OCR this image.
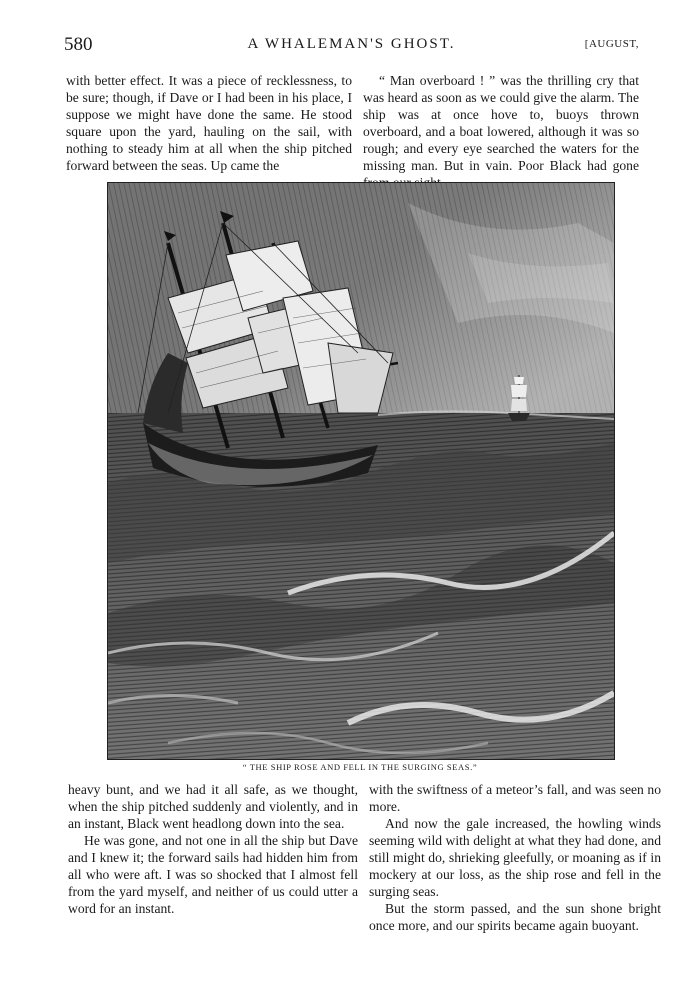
580	A WHALEMAN'S GHOST.	[AUGUST,

with better effect. It was a piece of recklessness, to be sure; though, if Dave or I had been in his place, I suppose we might have done the same. He stood square upon the yard, hauling on the sail, with nothing to steady him at all when the ship pitched forward between the seas. Up came the

“ Man overboard ! ” was the thrilling cry that was heard as soon as we could give the alarm. The ship was at once hove to, buoys thrown overboard, and a boat lowered, although it was so rough; and every eye searched the waters for the missing man. But in vain. Poor Black had gone

“ THE SHIP ROSE AND FELL IN THE SURGING SEAS.”

heavy bunt, and we had it all safe, as we thought, when the ship pitched suddenly and violently, and in an instant, Black went headlong down into the sea.

He was gone, and not one in all the ship but Dave and I knew it; the forward sails had hidden him from all who were aft. I was so shocked that I almost fell from the yard myself, and neither of us could utter a word for an instant.

with the swiftness of a meteor’s fall, and was seen no more.

And now the gale increased, the howling winds seeming wild with delight at what they had done, and still might do, shrieking gleefully, or moaning as if in mockery at our loss, as the ship rose and fell in the surging seas.

But the storm passed, and the sun shone bright once more, and our spirits became again buoyant.
